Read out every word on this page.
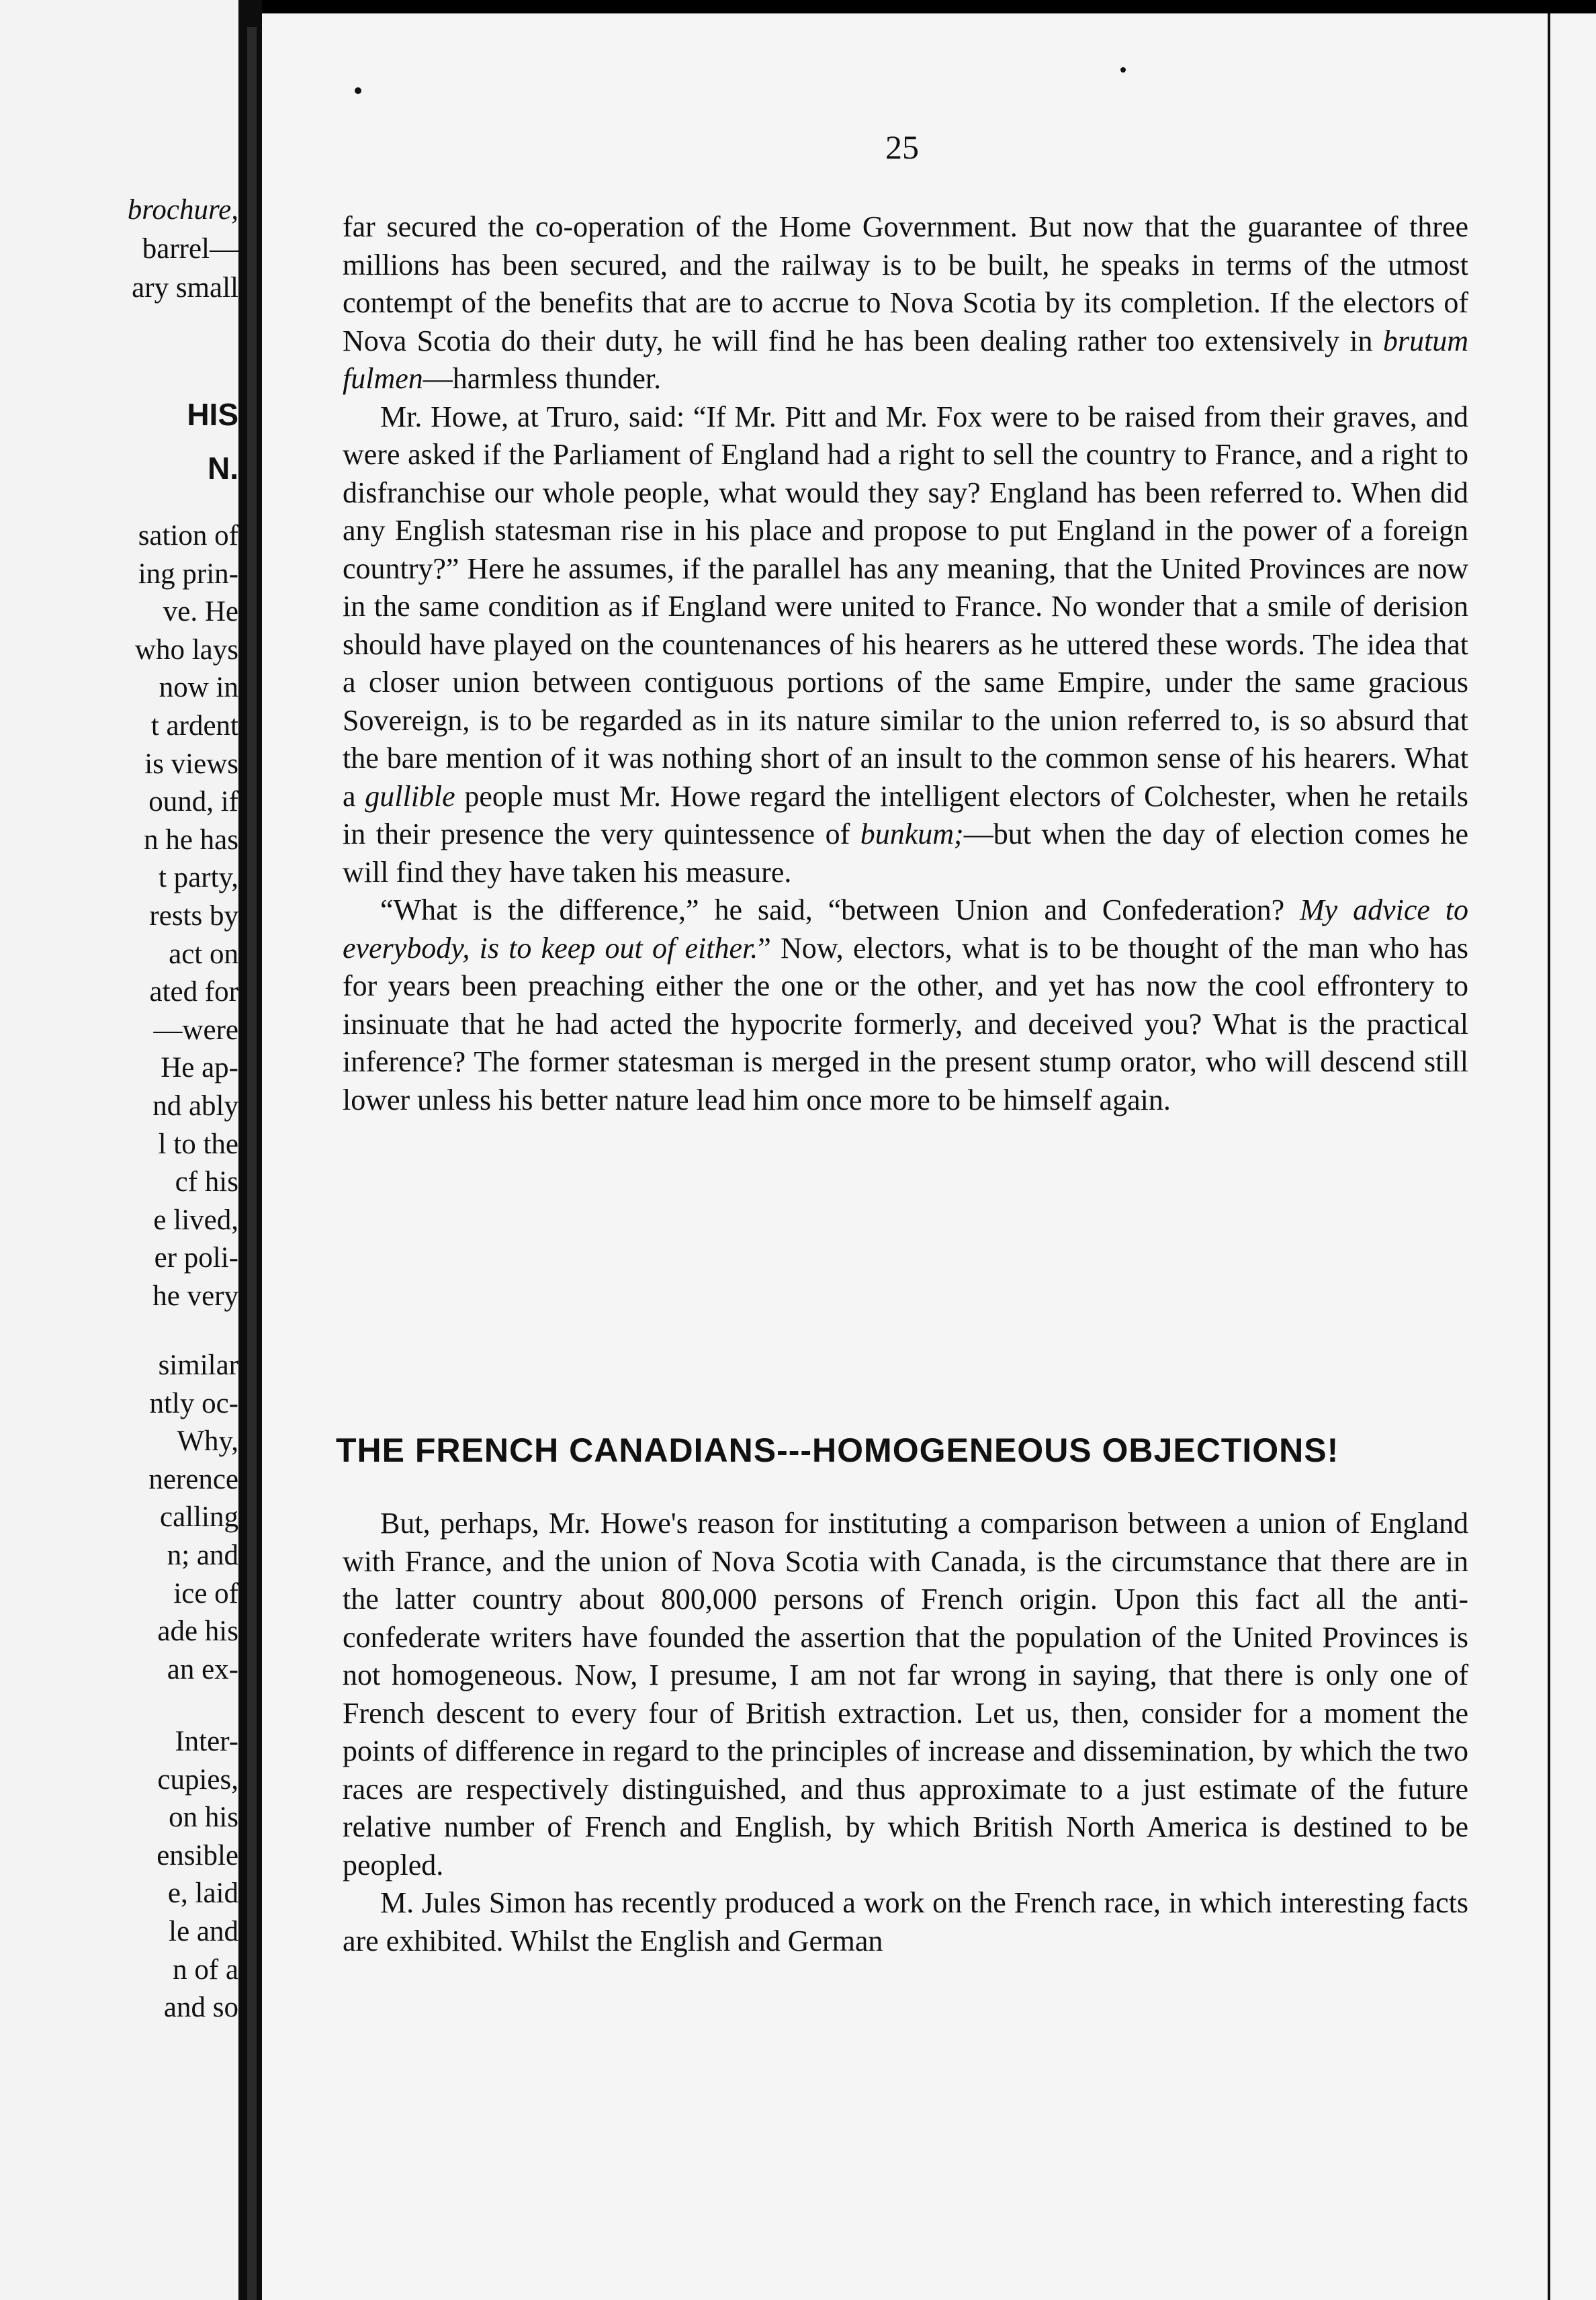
brochure,
barrel—
ary small
HIS
N.
sation of
ing prin-
ve. He
who lays
now in
t ardent
is views
ound, if
n he has
t party,
rests by
act on
ated for
—were
He ap-
nd ably
l to the
cf his
e lived,
er poli-
he very
similar
ntly oc-
Why,
nerence
calling
n; and
ice of
ade his
an ex-
Inter-
cupies,
on his
ensible
e, laid
le and
n of a
and so
25

far secured the co-operation of the Home Government. But now that the guarantee of three millions has been secured, and the railway is to be built, he speaks in terms of the utmost contempt of the benefits that are to accrue to Nova Scotia by its completion. If the electors of Nova Scotia do their duty, he will find he has been dealing rather too extensively in brutum fulmen—harmless thunder.

Mr. Howe, at Truro, said: “If Mr. Pitt and Mr. Fox were to be raised from their graves, and were asked if the Parliament of England had a right to sell the country to France, and a right to disfranchise our whole people, what would they say? England has been referred to. When did any English statesman rise in his place and propose to put England in the power of a foreign country?” Here he assumes, if the parallel has any meaning, that the United Provinces are now in the same condition as if England were united to France. No wonder that a smile of derision should have played on the countenances of his hearers as he uttered these words. The idea that a closer union between contiguous portions of the same Empire, under the same gracious Sovereign, is to be regarded as in its nature similar to the union referred to, is so absurd that the bare mention of it was nothing short of an insult to the common sense of his hearers. What a gullible people must Mr. Howe regard the intelligent electors of Colchester, when he retails in their presence the very quintessence of bunkum;—but when the day of election comes he will find they have taken his measure.

“What is the difference,” he said, “between Union and Confederation? My advice to everybody, is to keep out of either.” Now, electors, what is to be thought of the man who has for years been preaching either the one or the other, and yet has now the cool effrontery to insinuate that he had acted the hypocrite formerly, and deceived you? What is the practical inference? The former statesman is merged in the present stump orator, who will descend still lower unless his better nature lead him once more to be himself again.

THE FRENCH CANADIANS---HOMOGENEOUS OBJECTIONS!

But, perhaps, Mr. Howe's reason for instituting a comparison between a union of England with France, and the union of Nova Scotia with Canada, is the circumstance that there are in the latter country about 800,000 persons of French origin. Upon this fact all the anti-confederate writers have founded the assertion that the population of the United Provinces is not homogeneous. Now, I presume, I am not far wrong in saying, that there is only one of French descent to every four of British extraction. Let us, then, consider for a moment the points of difference in regard to the principles of increase and dissemination, by which the two races are respectively distinguished, and thus approximate to a just estimate of the future relative number of French and English, by which British North America is destined to be peopled.

M. Jules Simon has recently produced a work on the French race, in which interesting facts are exhibited. Whilst the English and German
